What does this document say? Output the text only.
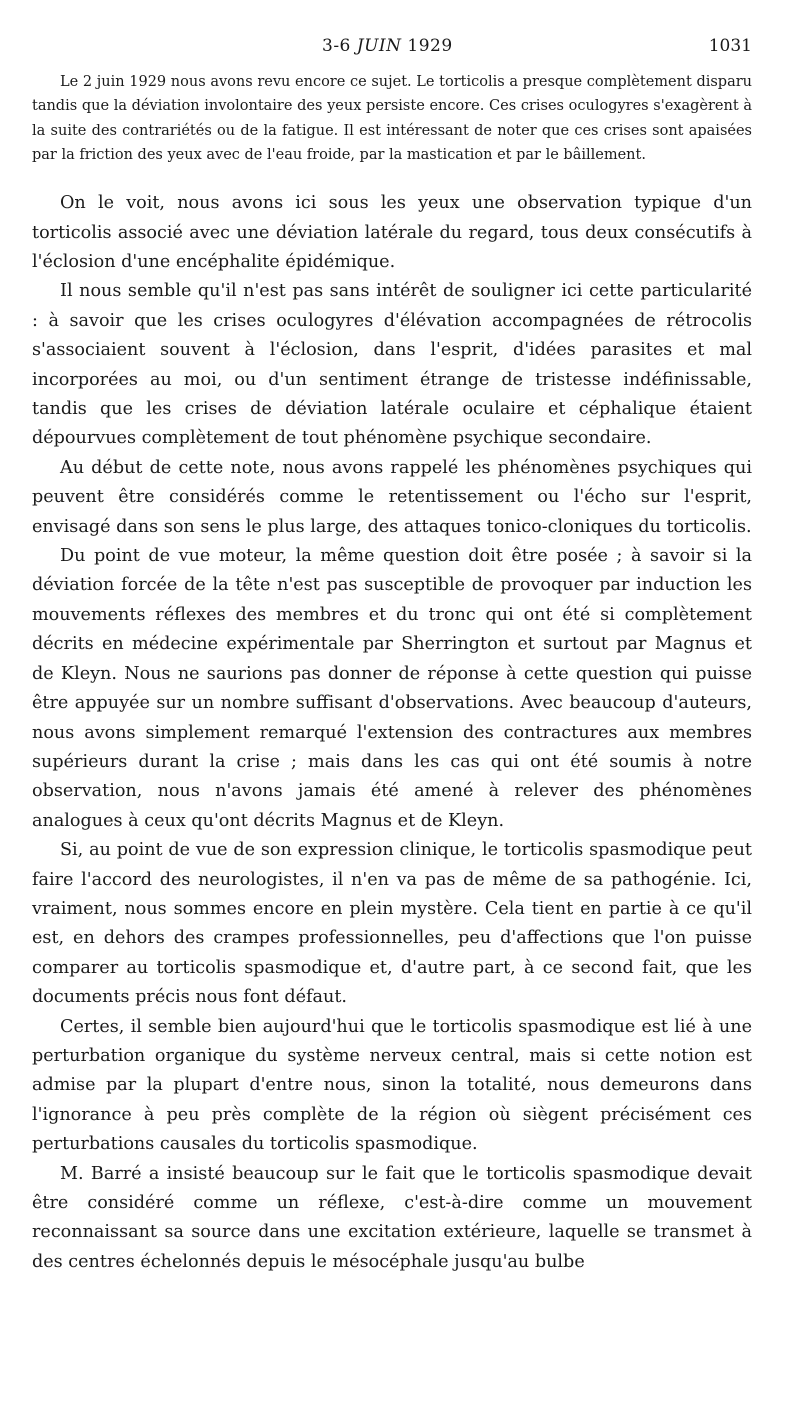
3-6 JUIN 1929	1031

Le 2 juin 1929 nous avons revu encore ce sujet. Le torticolis a presque complètement disparu tandis que la déviation involontaire des yeux persiste encore. Ces crises oculogyres s'exagèrent à la suite des contrariétés ou de la fatigue. Il est intéressant de noter que ces crises sont apaisées par la friction des yeux avec de l'eau froide, par la mastication et par le bâillement.

On le voit, nous avons ici sous les yeux une observation typique d'un torticolis associé avec une déviation latérale du regard, tous deux consécutifs à l'éclosion d'une encéphalite épidémique.

Il nous semble qu'il n'est pas sans intérêt de souligner ici cette particularité : à savoir que les crises oculogyres d'élévation accompagnées de rétrocolis s'associaient souvent à l'éclosion, dans l'esprit, d'idées parasites et mal incorporées au moi, ou d'un sentiment étrange de tristesse indéfinissable, tandis que les crises de déviation latérale oculaire et céphalique étaient dépourvues complètement de tout phénomène psychique secondaire.

Au début de cette note, nous avons rappelé les phénomènes psychiques qui peuvent être considérés comme le retentissement ou l'écho sur l'esprit, envisagé dans son sens le plus large, des attaques tonico-cloniques du torticolis.

Du point de vue moteur, la même question doit être posée ; à savoir si la déviation forcée de la tête n'est pas susceptible de provoquer par induction les mouvements réflexes des membres et du tronc qui ont été si complètement décrits en médecine expérimentale par Sherrington et surtout par Magnus et de Kleyn. Nous ne saurions pas donner de réponse à cette question qui puisse être appuyée sur un nombre suffisant d'observations. Avec beaucoup d'auteurs, nous avons simplement remarqué l'extension des contractures aux membres supérieurs durant la crise ; mais dans les cas qui ont été soumis à notre observation, nous n'avons jamais été amené à relever des phénomènes analogues à ceux qu'ont décrits Magnus et de Kleyn.

Si, au point de vue de son expression clinique, le torticolis spasmodique peut faire l'accord des neurologistes, il n'en va pas de même de sa pathogénie. Ici, vraiment, nous sommes encore en plein mystère. Cela tient en partie à ce qu'il est, en dehors des crampes professionnelles, peu d'affections que l'on puisse comparer au torticolis spasmodique et, d'autre part, à ce second fait, que les documents précis nous font défaut.

Certes, il semble bien aujourd'hui que le torticolis spasmodique est lié à une perturbation organique du système nerveux central, mais si cette notion est admise par la plupart d'entre nous, sinon la totalité, nous demeurons dans l'ignorance à peu près complète de la région où siègent précisément ces perturbations causales du torticolis spasmodique.

M. Barré a insisté beaucoup sur le fait que le torticolis spasmodique devait être considéré comme un réflexe, c'est-à-dire comme un mouvement reconnaissant sa source dans une excitation extérieure, laquelle se transmet à des centres échelonnés depuis le mésocéphale jusqu'au bulbe
